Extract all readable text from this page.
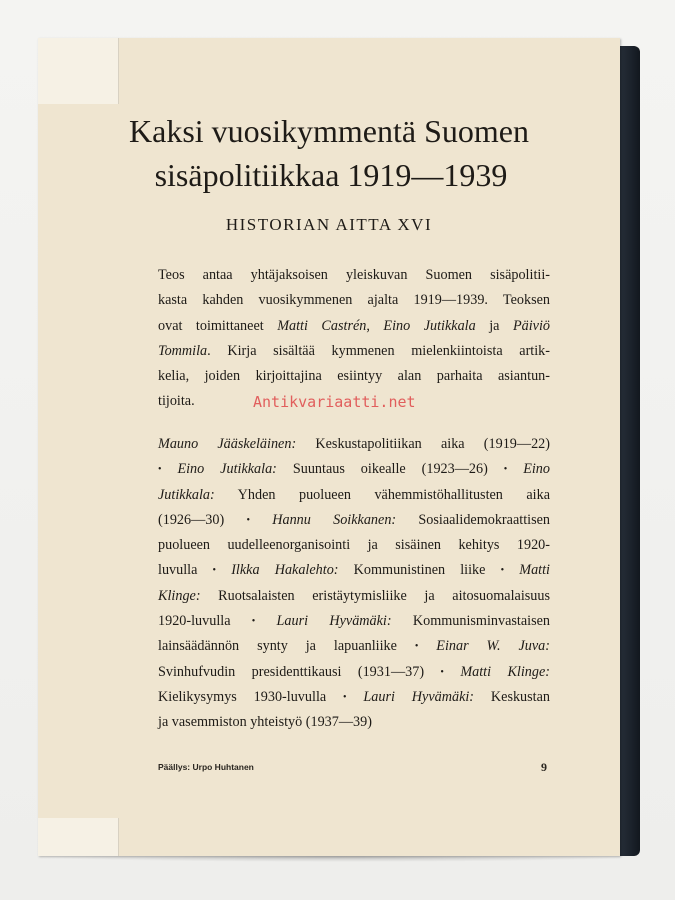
Kaksi vuosikymmentä Suomen
sisäpolitiikkaa 1919—1939
HISTORIAN AITTA XVI
Teos antaa yhtäjaksoisen yleiskuvan Suomen sisäpolitii-
kasta kahden vuosikymmenen ajalta 1919—1939. Teoksen
ovat toimittaneet Matti Castrén, Eino Jutikkala ja Päiviö
Tommila. Kirja sisältää kymmenen mielenkiintoista artik-
kelia, joiden kirjoittajina esiintyy alan parhaita asiantun-
tijoita.
Mauno Jääskeläinen: Keskustapolitiikan aika (1919—22)
• Eino Jutikkala: Suuntaus oikealle (1923—26) • Eino
Jutikkala: Yhden puolueen vähemmistöhallitusten aika
(1926—30) • Hannu Soikkanen: Sosiaalidemokraattisen
puolueen uudelleenorganisointi ja sisäinen kehitys 1920-
luvulla • Ilkka Hakalehto: Kommunistinen liike • Matti
Klinge: Ruotsalaisten eristäytymisliike ja aitosuomalaisuus
1920-luvulla • Lauri Hyvämäki: Kommunisminvastaisen
lainsäädännön synty ja lapuanliike • Einar W. Juva:
Svinhufvudin presidenttikausi (1931—37) • Matti Klinge:
Kielikysymys 1930-luvulla • Lauri Hyvämäki: Keskustan
ja vasemmiston yhteistyö (1937—39)
Päällys: Urpo Huhtanen	9
Antikvariaatti.net
